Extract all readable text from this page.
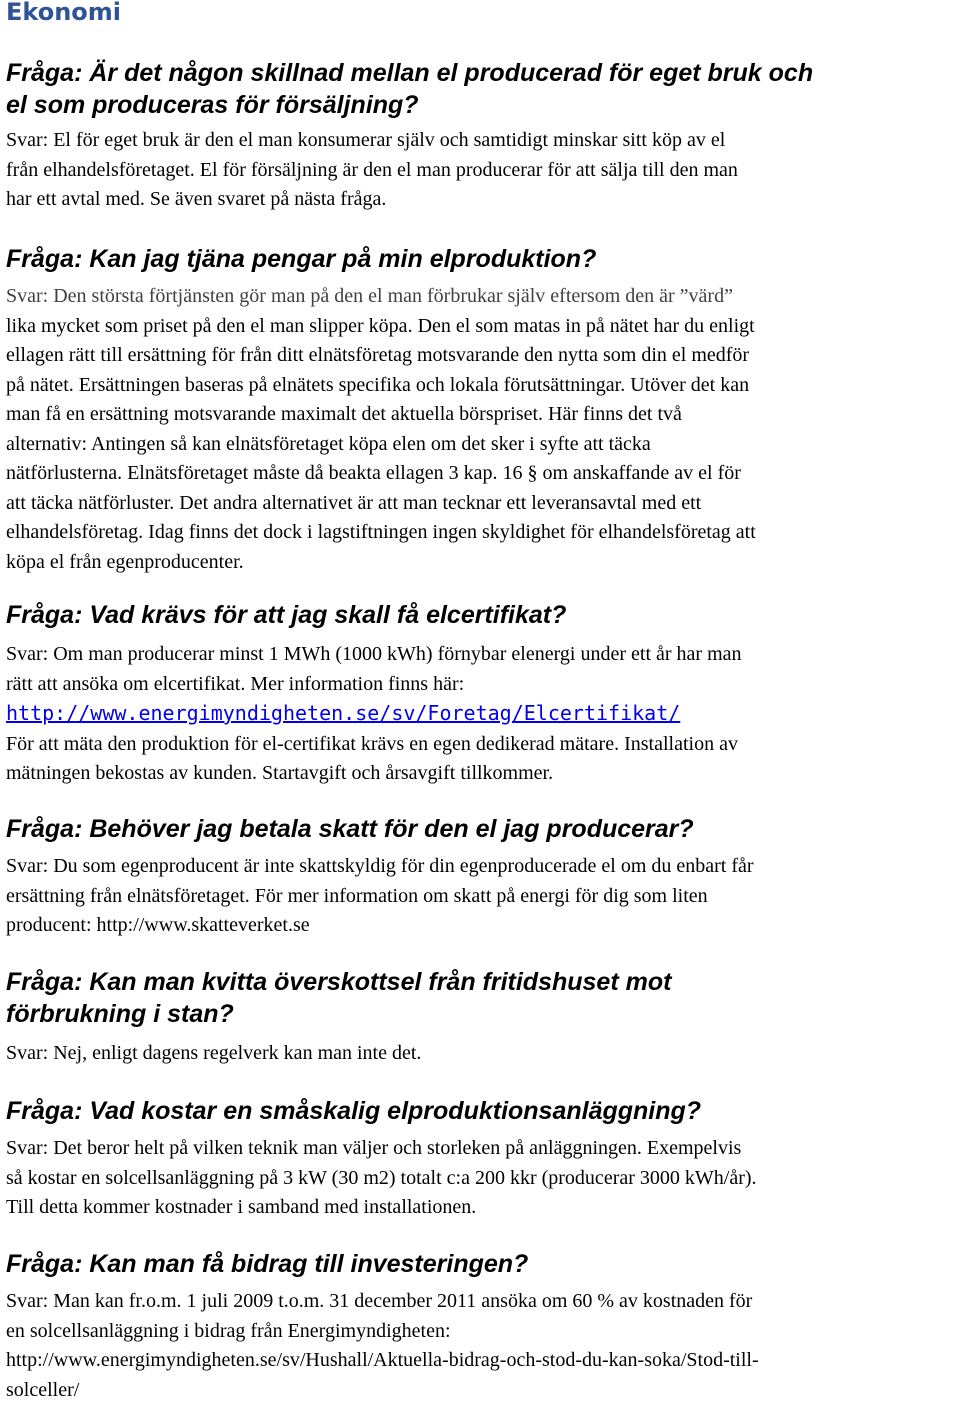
Ekonomi
Fråga: Är det någon skillnad mellan el producerad för eget bruk och
el som produceras för försäljning?
Svar: El för eget bruk är den el man konsumerar själv och samtidigt minskar sitt köp av el
från elhandelsföretaget. El för försäljning är den el man producerar för att sälja till den man
har ett avtal med. Se även svaret på nästa fråga.
Fråga: Kan jag tjäna pengar på min elproduktion?
Svar: Den största förtjänsten gör man på den el man förbrukar själv eftersom den är ”värd”
lika mycket som priset på den el man slipper köpa. Den el som matas in på nätet har du enligt
ellagen rätt till ersättning för från ditt elnätsföretag motsvarande den nytta som din el medför
på nätet. Ersättningen baseras på elnätets specifika och lokala förutsättningar. Utöver det kan
man få en ersättning motsvarande maximalt det aktuella börspriset. Här finns det två
alternativ: Antingen så kan elnätsföretaget köpa elen om det sker i syfte att täcka
nätförlusterna. Elnätsföretaget måste då beakta ellagen 3 kap. 16 § om anskaffande av el för
att täcka nätförluster. Det andra alternativet är att man tecknar ett leveransavtal med ett
elhandelsföretag. Idag finns det dock i lagstiftningen ingen skyldighet för elhandelsföretag att
köpa el från egenproducenter.
Fråga: Vad krävs för att jag skall få elcertifikat?
Svar: Om man producerar minst 1 MWh (1000 kWh) förnybar elenergi under ett år har man
rätt att ansöka om elcertifikat. Mer information finns här:
http://www.energimyndigheten.se/sv/Foretag/Elcertifikat/
För att mäta den produktion för el-certifikat krävs en egen dedikerad mätare. Installation av
mätningen bekostas av kunden. Startavgift och årsavgift tillkommer.
Fråga: Behöver jag betala skatt för den el jag producerar?
Svar: Du som egenproducent är inte skattskyldig för din egenproducerade el om du enbart får
ersättning från elnätsföretaget. För mer information om skatt på energi för dig som liten
producent: http://www.skatteverket.se
Fråga: Kan man kvitta överskottsel från fritidshuset mot
förbrukning i stan?
Svar: Nej, enligt dagens regelverk kan man inte det.
Fråga: Vad kostar en småskalig elproduktionsanläggning?
Svar: Det beror helt på vilken teknik man väljer och storleken på anläggningen. Exempelvis
så kostar en solcellsanläggning på 3 kW (30 m2) totalt c:a 200 kkr (producerar 3000 kWh/år).
Till detta kommer kostnader i samband med installationen.
Fråga: Kan man få bidrag till investeringen?
Svar: Man kan fr.o.m. 1 juli 2009 t.o.m. 31 december 2011 ansöka om 60 % av kostnaden för
en solcellsanläggning i bidrag från Energimyndigheten:
http://www.energimyndigheten.se/sv/Hushall/Aktuella-bidrag-och-stod-du-kan-soka/Stod-till-
solceller/
